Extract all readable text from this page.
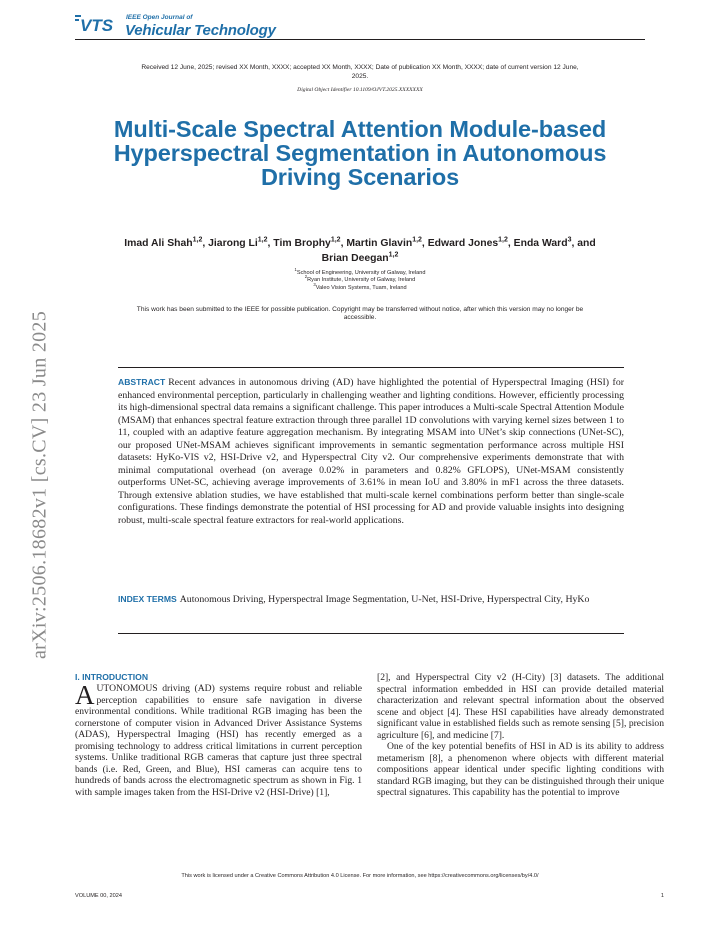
VTS IEEE Open Journal of
Vehicular Technology
Received 12 June, 2025; revised XX Month, XXXX; accepted XX Month, XXXX; Date of publication XX Month, XXXX; date of current version 12 June, 2025.
Digital Object Identifier 10.1109/OJVT.2025.XXXXXXX
Multi-Scale Spectral Attention Module-based Hyperspectral Segmentation in Autonomous Driving Scenarios
Imad Ali Shah$^{1,2}$, Jiarong Li$^{1,2}$, Tim Brophy$^{1,2}$, Martin Glavin$^{1,2}$, Edward Jones$^{1,2}$, Enda Ward$^3$, and Brian Deegan$^{1,2}$
$^1$School of Engineering, University of Galway, Ireland
$^2$Ryan Institute, University of Galway, Ireland
$^3$Valeo Vision Systems, Tuam, Ireland
This work has been submitted to the IEEE for possible publication. Copyright may be transferred without notice, after which this version may no longer be accessible.
arXiv:2506.18682v1 [cs.CV] 23 Jun 2025	ABSTRACT Recent advances in autonomous driving (AD) have highlighted the potential of Hyperspectral Imaging (HSI) for enhanced environmental perception, particularly in challenging weather and lighting conditions. However, efficiently processing its high-dimensional spectral data remains a significant challenge. This paper introduces a Multi-scale Spectral Attention Module (MSAM) that enhances spectral feature extraction through three parallel 1D convolutions with varying kernel sizes between 1 to 11, coupled with an adaptive feature aggregation mechanism. By integrating MSAM into UNet’s skip connections (UNet-SC), our proposed UNet-MSAM achieves significant improvements in semantic segmentation performance across multiple HSI datasets: HyKo-VIS v2, HSI-Drive v2, and Hyperspectral City v2. Our comprehensive experiments demonstrate that with minimal computational overhead (on average 0.02% in parameters and 0.82% GFLOPS), UNet-MSAM consistently outperforms UNet-SC, achieving average improvements of 3.61% in mean IoU and 3.80% in mF1 across the three datasets. Through extensive ablation studies, we have established that multi-scale kernel combinations perform better than single-scale configurations. These findings demonstrate the potential of HSI processing for AD and provide valuable insights into designing robust, multi-scale spectral feature extractors for real-world applications.
INDEX TERMS Autonomous Driving, Hyperspectral Image Segmentation, U-Net, HSI-Drive, Hyperspectral City, HyKo
I. INTRODUCTION
AUTONOMOUS driving (AD) systems require robust and reliable perception capabilities to ensure safe navigation in diverse environmental conditions. While traditional RGB imaging has been the cornerstone of computer vision in Advanced Driver Assistance Systems (ADAS), Hyperspectral Imaging (HSI) has recently emerged as a promising technology to address critical limitations in current perception systems. Unlike traditional RGB cameras that capture just three spectral bands (i.e. Red, Green, and Blue), HSI cameras can acquire tens to hundreds of bands across the electromagnetic spectrum as shown in Fig. 1 with sample images taken from the HSI-Drive v2 (HSI-Drive) [1],

[2], and Hyperspectral City v2 (H-City) [3] datasets. The additional spectral information embedded in HSI can provide detailed material characterization and relevant spectral information about the observed scene and object [4]. These HSI capabilities have already demonstrated significant value in established fields such as remote sensing [5], precision agriculture [6], and medicine [7].

One of the key potential benefits of HSI in AD is its ability to address metamerism [8], a phenomenon where objects with different material compositions appear identical under specific lighting conditions with standard RGB imaging, but they can be distinguished through their unique spectral signatures. This capability has the potential to improve

This work is licensed under a Creative Commons Attribution 4.0 License. For more information, see https://creativecommons.org/licenses/by/4.0/
VOLUME 00, 2024	1
